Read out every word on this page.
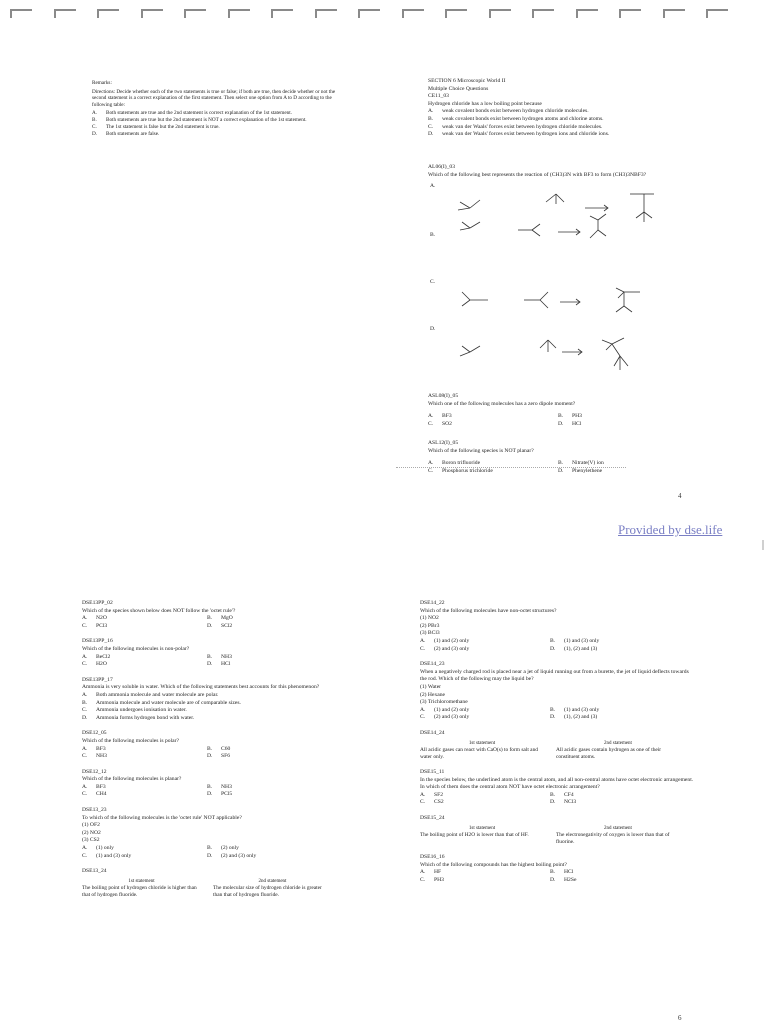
Remarks:
Directions: Decide whether each of the two statements is true or false; if both are true, then decide whether or not the second statement is a correct explanation of the first statement. Then select one option from A to D according to the following table:
A.	Both statements are true and the 2nd statement is correct explanation of the 1st statement.
B.	Both statements are true but the 2nd statement is NOT a correct explanation of the 1st statement.
C.	The 1st statement is false but the 2nd statement is true.
D.	Both statements are false.
SECTION 6 Microscopic World II
Multiple Choice Questions
CE11_03
Hydrogen chloride has a low boiling point because
A.	weak covalent bonds exist between hydrogen chloride molecules.
B.	weak covalent bonds exist between hydrogen atoms and chlorine atoms.
C.	weak van der Waals' forces exist between hydrogen chloride molecules.
D.	weak van der Waals' forces exist between hydrogen ions and chloride ions.
AL06(I)_03
Which of the following best represents the reaction of (CH3)3N with BF3 to form (CH3)3NBF3?
A.
B.
C.
D.
ASL08(I)_05
Which one of the following molecules has a zero dipole moment?
A.	BF3	B.	PH3
C.	SO2	D.	HCl
ASL12(I)_05
Which of the following species is NOT planar?
A.	Boron trifluoride	B.	Nitrate(V) ion
C.	Phosphorus trichloride	D.	Phenylethene
4
Provided by dse.life
DSE13PP_02
Which of the species shown below does NOT follow the 'octet rule'?
A.	N2O	B.	MgO
C.	PCl3	D.	SCl2
DSE13PP_16
Which of the following molecules is non-polar?
A.	BeCl2	B.	NH3
C.	H2O	D.	HCl
DSE13PP_17
Ammonia is very soluble in water. Which of the following statements best accounts for this phenomenon?
A.	Both ammonia molecule and water molecule are polar.
B.	Ammonia molecule and water molecule are of comparable sizes.
C.	Ammonia undergoes ionisation in water.
D.	Ammonia forms hydrogen bond with water.
DSE12_05
Which of the following molecules is polar?
A.	BF3	B.	C60
C.	NH3	D.	SF6
DSE12_12
Which of the following molecules is planar?
A.	BF3	B.	NH3
C.	CH4	D.	PCl5
DSE13_23
To which of the following molecules is the 'octet rule' NOT applicable?
(1) OF2
(2) NO2
(3) CS2
A.	(1) only	B.	(2) only
C.	(1) and (3) only	D.	(2) and (3) only
DSE13_24
1st statement
The boiling point of hydrogen chloride is higher than that of hydrogen fluoride.
2nd statement
The molecular size of hydrogen chloride is greater than that of hydrogen fluoride.
DSE14_22
Which of the following molecules have non-octet structures?
(1) NO2
(2) PBr3
(3) BCl3
A.	(1) and (2) only	B.	(1) and (3) only
C.	(2) and (3) only	D.	(1), (2) and (3)
DSE14_23
When a negatively charged rod is placed near a jet of liquid running out from a burette, the jet of liquid deflects towards the rod. Which of the following may the liquid be?
(1) Water
(2) Hexane
(3) Trichloromethane
A.	(1) and (2) only	B.	(1) and (3) only
C.	(2) and (3) only	D.	(1), (2) and (3)
DSE14_24
1st statement
All acidic gases can react with CaO(s) to form salt and water only.
2nd statement
All acidic gases contain hydrogen as one of their constituent atoms.
DSE15_11
In the species below, the underlined atom is the central atom, and all non-central atoms have octet electronic arrangement. In which of them does the central atom NOT have octet electronic arrangement?
A.	SF2	B.	CF4
C.	CS2	D.	NCl3
DSE15_24
1st statement
The boiling point of H2O is lower than that of HF.
2nd statement
The electronegativity of oxygen is lower than that of fluorine.
DSE16_16
Which of the following compounds has the highest boiling point?
A.	HF	B.	HCl
C.	PH3	D.	H2Se
6
